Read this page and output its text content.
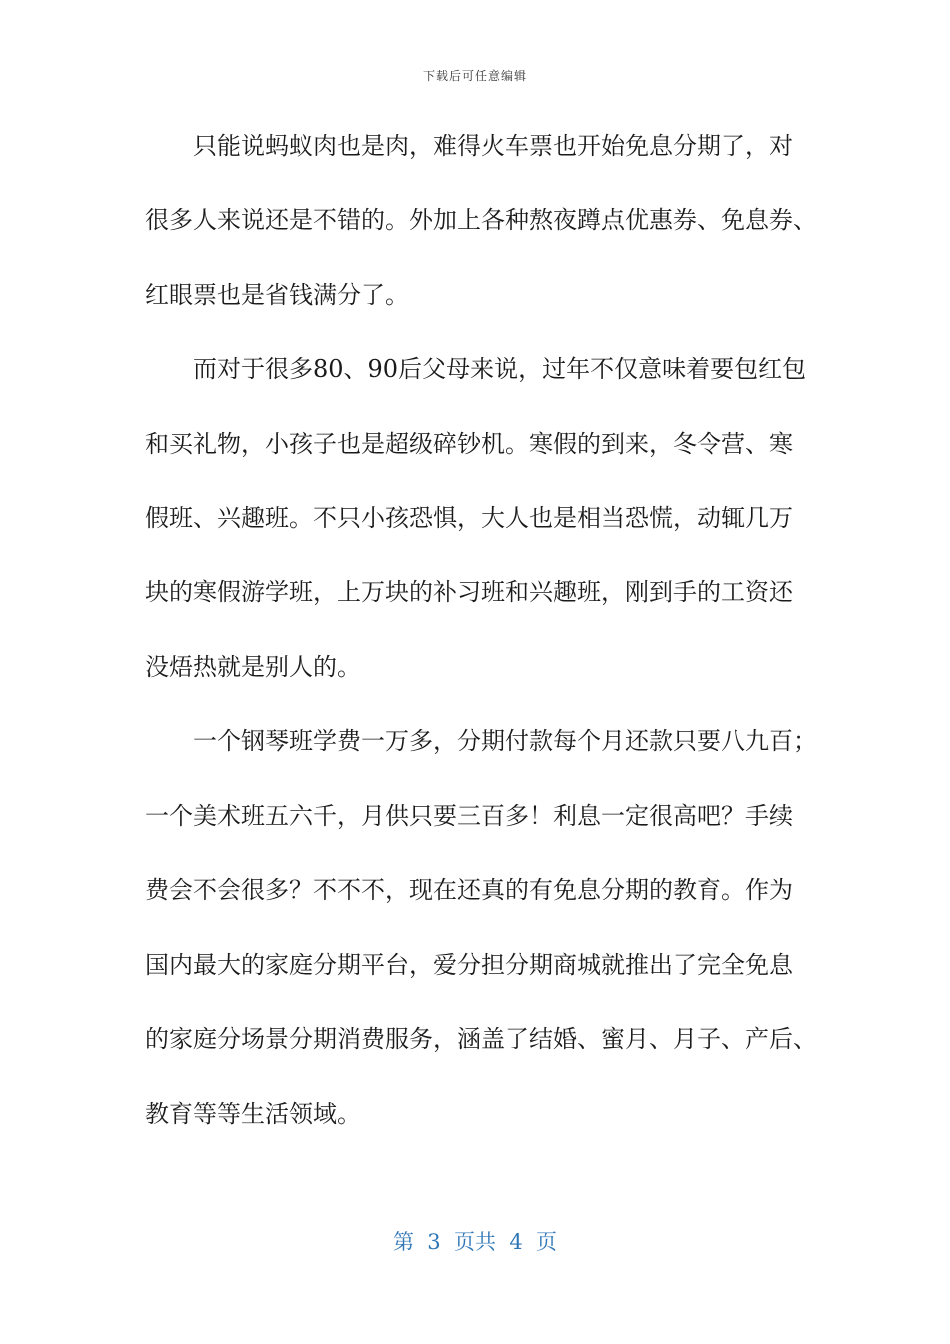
下载后可任意编辑
只能说蚂蚁肉也是肉，难得火车票也开始免息分期了，对
很多人来说还是不错的。外加上各种熬夜蹲点优惠券、免息券、
红眼票也是省钱满分了。
而对于很多80、90后父母来说，过年不仅意味着要包红包
和买礼物，小孩子也是超级碎钞机。寒假的到来，冬令营、寒
假班、兴趣班。不只小孩恐惧，大人也是相当恐慌，动辄几万
块的寒假游学班，上万块的补习班和兴趣班，刚到手的工资还
没焐热就是别人的。
一个钢琴班学费一万多，分期付款每个月还款只要八九百；
一个美术班五六千，月供只要三百多！利息一定很高吧？手续
费会不会很多？不不不，现在还真的有免息分期的教育。作为
国内最大的家庭分期平台，爱分担分期商城就推出了完全免息
的家庭分场景分期消费服务，涵盖了结婚、蜜月、月子、产后、
教育等等生活领域。
第  3  页共  4  页
